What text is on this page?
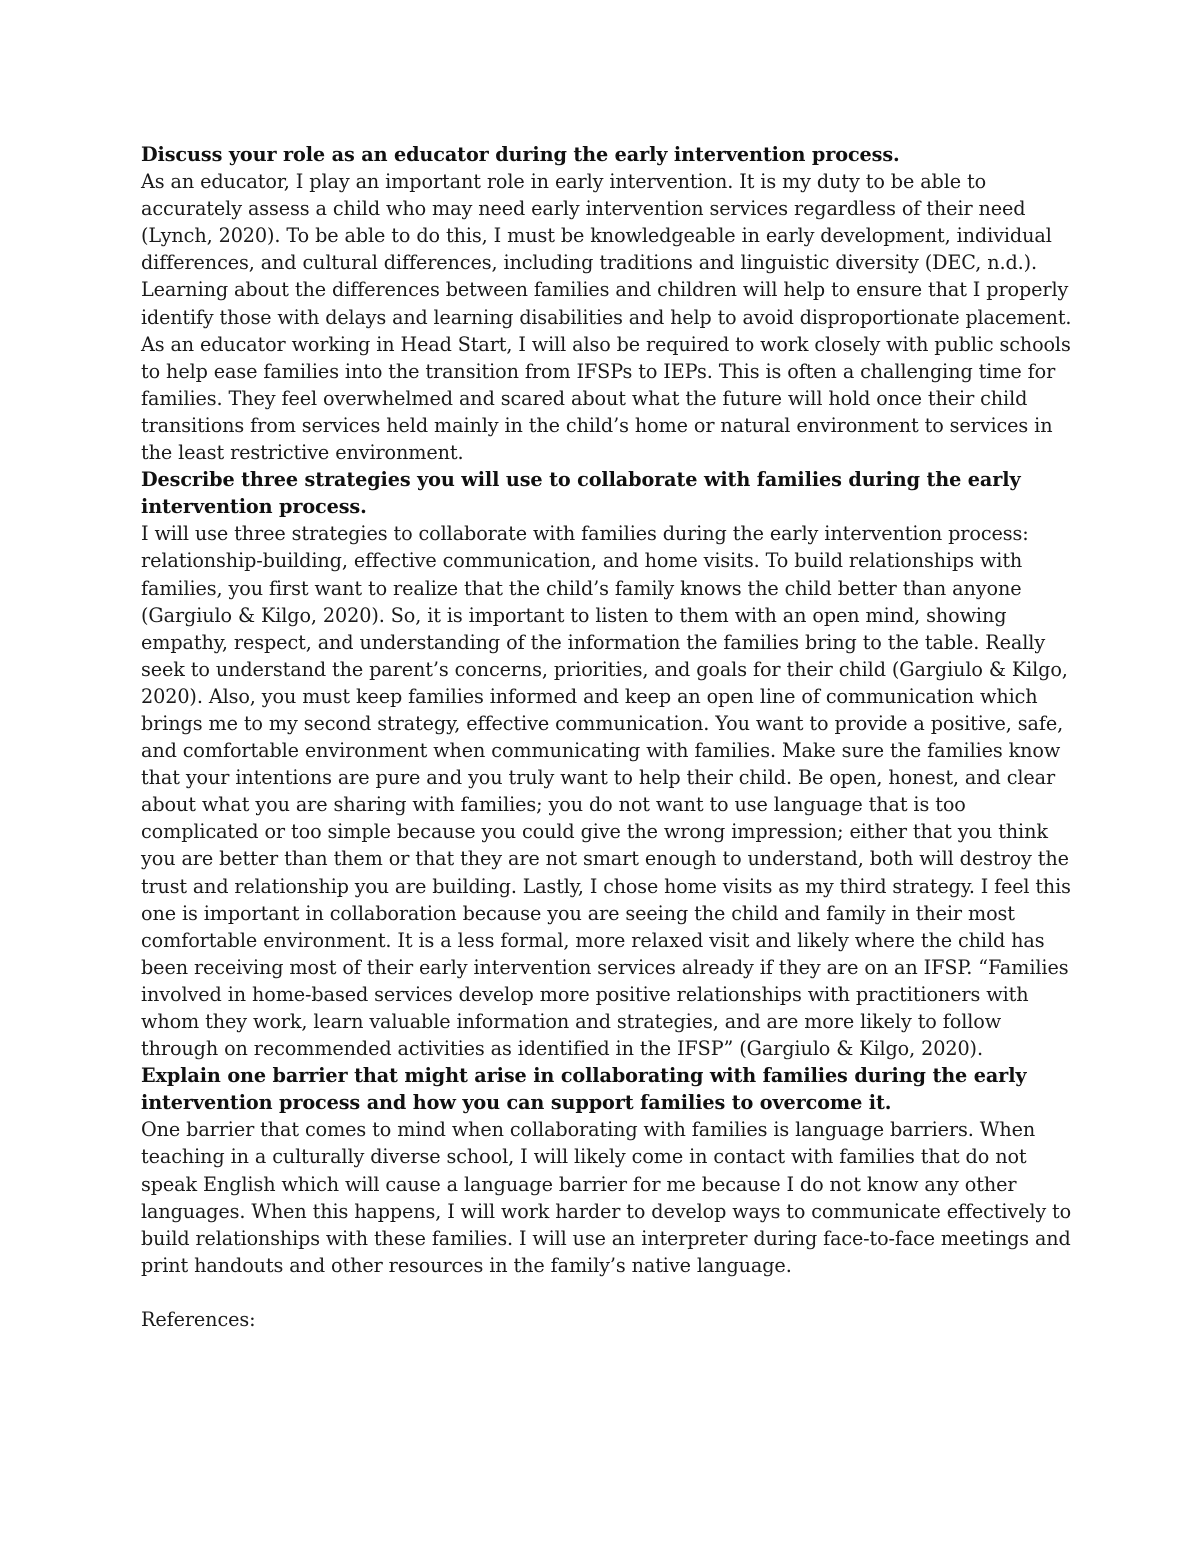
Discuss your role as an educator during the early intervention process.
As an educator, I play an important role in early intervention. It is my duty to be able to
accurately assess a child who may need early intervention services regardless of their need
(Lynch, 2020). To be able to do this, I must be knowledgeable in early development, individual
differences, and cultural differences, including traditions and linguistic diversity (DEC, n.d.).
Learning about the differences between families and children will help to ensure that I properly
identify those with delays and learning disabilities and help to avoid disproportionate placement.
As an educator working in Head Start, I will also be required to work closely with public schools
to help ease families into the transition from IFSPs to IEPs. This is often a challenging time for
families. They feel overwhelmed and scared about what the future will hold once their child
transitions from services held mainly in the child’s home or natural environment to services in
the least restrictive environment.
Describe three strategies you will use to collaborate with families during the early
intervention process.
I will use three strategies to collaborate with families during the early intervention process:
relationship-building, effective communication, and home visits. To build relationships with
families, you first want to realize that the child’s family knows the child better than anyone
(Gargiulo & Kilgo, 2020). So, it is important to listen to them with an open mind, showing
empathy, respect, and understanding of the information the families bring to the table. Really
seek to understand the parent’s concerns, priorities, and goals for their child (Gargiulo & Kilgo,
2020). Also, you must keep families informed and keep an open line of communication which
brings me to my second strategy, effective communication. You want to provide a positive, safe,
and comfortable environment when communicating with families. Make sure the families know
that your intentions are pure and you truly want to help their child. Be open, honest, and clear
about what you are sharing with families; you do not want to use language that is too
complicated or too simple because you could give the wrong impression; either that you think
you are better than them or that they are not smart enough to understand, both will destroy the
trust and relationship you are building. Lastly, I chose home visits as my third strategy. I feel this
one is important in collaboration because you are seeing the child and family in their most
comfortable environment. It is a less formal, more relaxed visit and likely where the child has
been receiving most of their early intervention services already if they are on an IFSP. “Families
involved in home-based services develop more positive relationships with practitioners with
whom they work, learn valuable information and strategies, and are more likely to follow
through on recommended activities as identified in the IFSP” (Gargiulo & Kilgo, 2020).
Explain one barrier that might arise in collaborating with families during the early
intervention process and how you can support families to overcome it.
One barrier that comes to mind when collaborating with families is language barriers. When
teaching in a culturally diverse school, I will likely come in contact with families that do not
speak English which will cause a language barrier for me because I do not know any other
languages. When this happens, I will work harder to develop ways to communicate effectively to
build relationships with these families. I will use an interpreter during face-to-face meetings and
print handouts and other resources in the family’s native language.
References:
